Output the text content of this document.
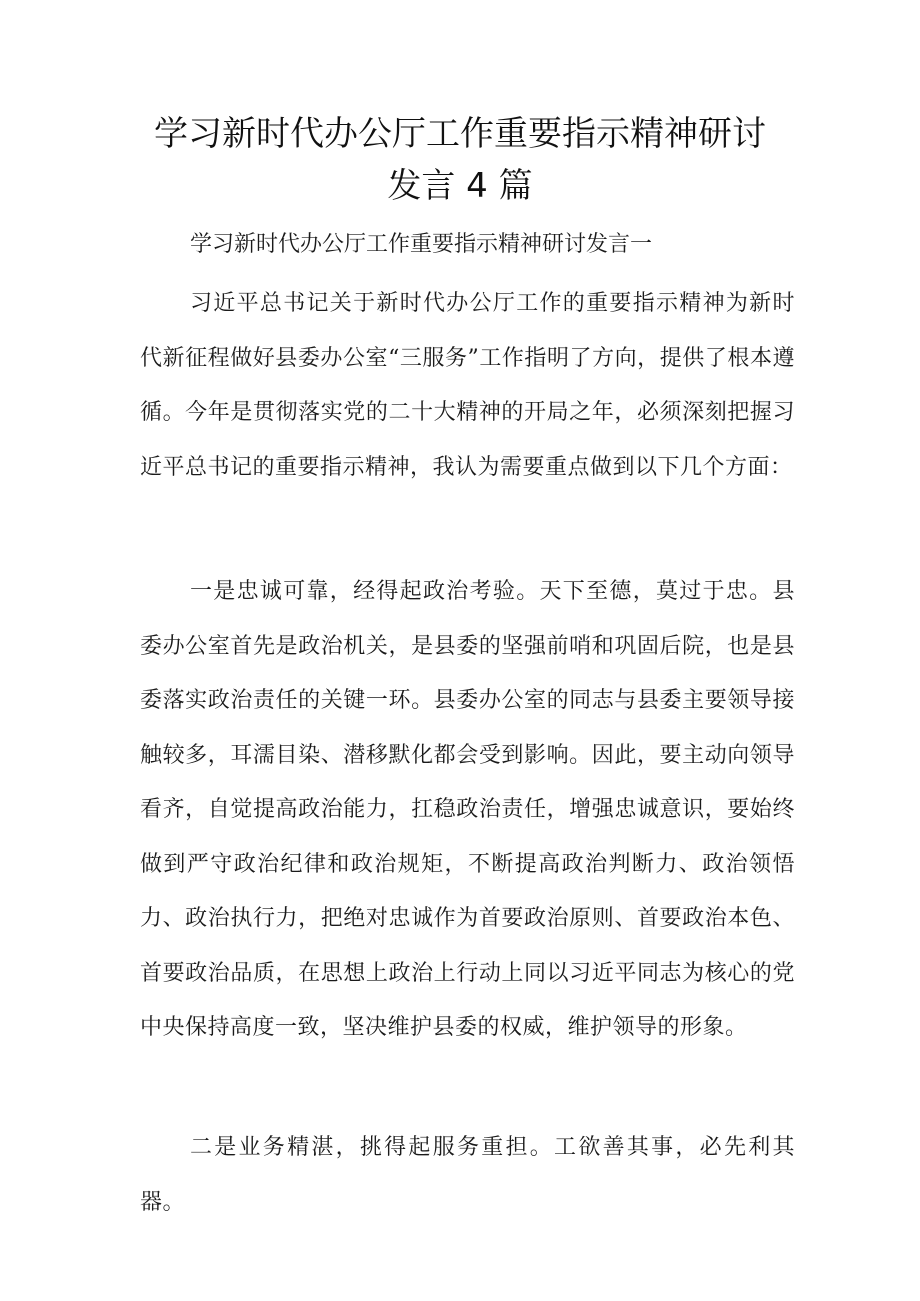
学习新时代办公厅工作重要指示精神研讨
发言 4 篇
学习新时代办公厅工作重要指示精神研讨发言一

习近平总书记关于新时代办公厅工作的重要指示精神为新时代新征程做好县委办公室“三服务”工作指明了方向，提供了根本遵循。今年是贯彻落实党的二十大精神的开局之年，必须深刻把握习近平总书记的重要指示精神，我认为需要重点做到以下几个方面：

一是忠诚可靠，经得起政治考验。天下至德，莫过于忠。县委办公室首先是政治机关，是县委的坚强前哨和巩固后院，也是县委落实政治责任的关键一环。县委办公室的同志与县委主要领导接触较多，耳濡目染、潜移默化都会受到影响。因此，要主动向领导看齐，自觉提高政治能力，扛稳政治责任，增强忠诚意识，要始终做到严守政治纪律和政治规矩，不断提高政治判断力、政治领悟力、政治执行力，把绝对忠诚作为首要政治原则、首要政治本色、首要政治品质，在思想上政治上行动上同以习近平同志为核心的党中央保持高度一致，坚决维护县委的权威，维护领导的形象。

二是业务精湛，挑得起服务重担。工欲善其事，必先利其器。
